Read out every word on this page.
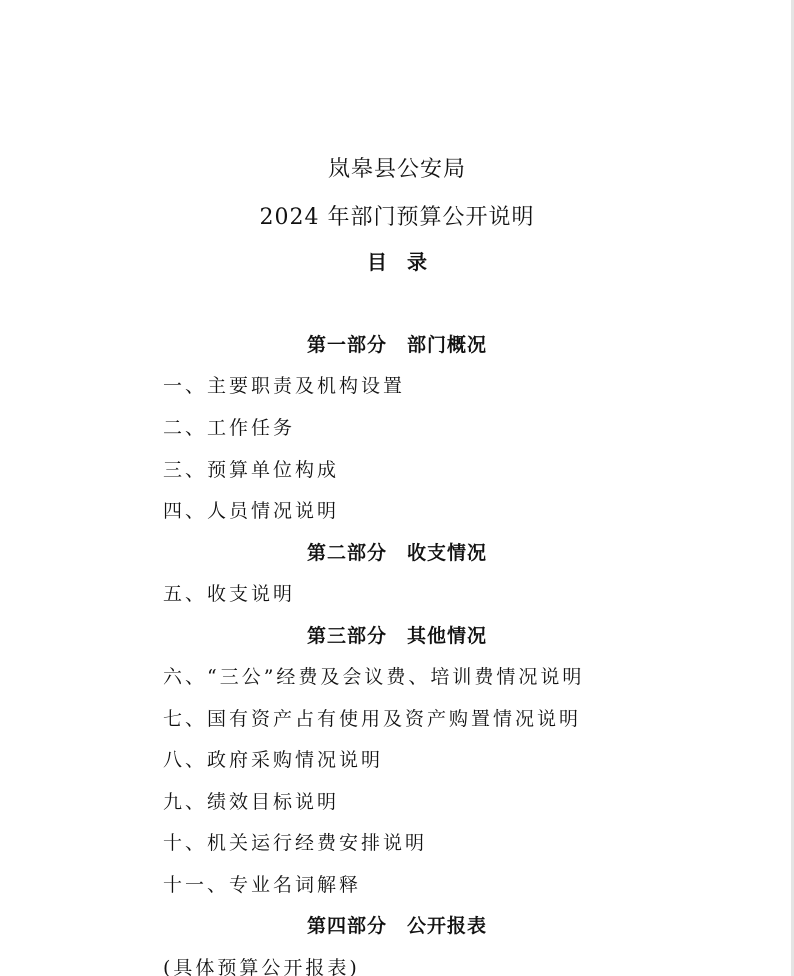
岚皋县公安局
2024 年部门预算公开说明
目　录
第一部分　部门概况
一、主要职责及机构设置
二、工作任务
三、预算单位构成
四、人员情况说明
第二部分　收支情况
五、收支说明
第三部分　其他情况
六、“三公”经费及会议费、培训费情况说明
七、国有资产占有使用及资产购置情况说明
八、政府采购情况说明
九、绩效目标说明
十、机关运行经费安排说明
十一、专业名词解释
第四部分　公开报表
(具体预算公开报表)
